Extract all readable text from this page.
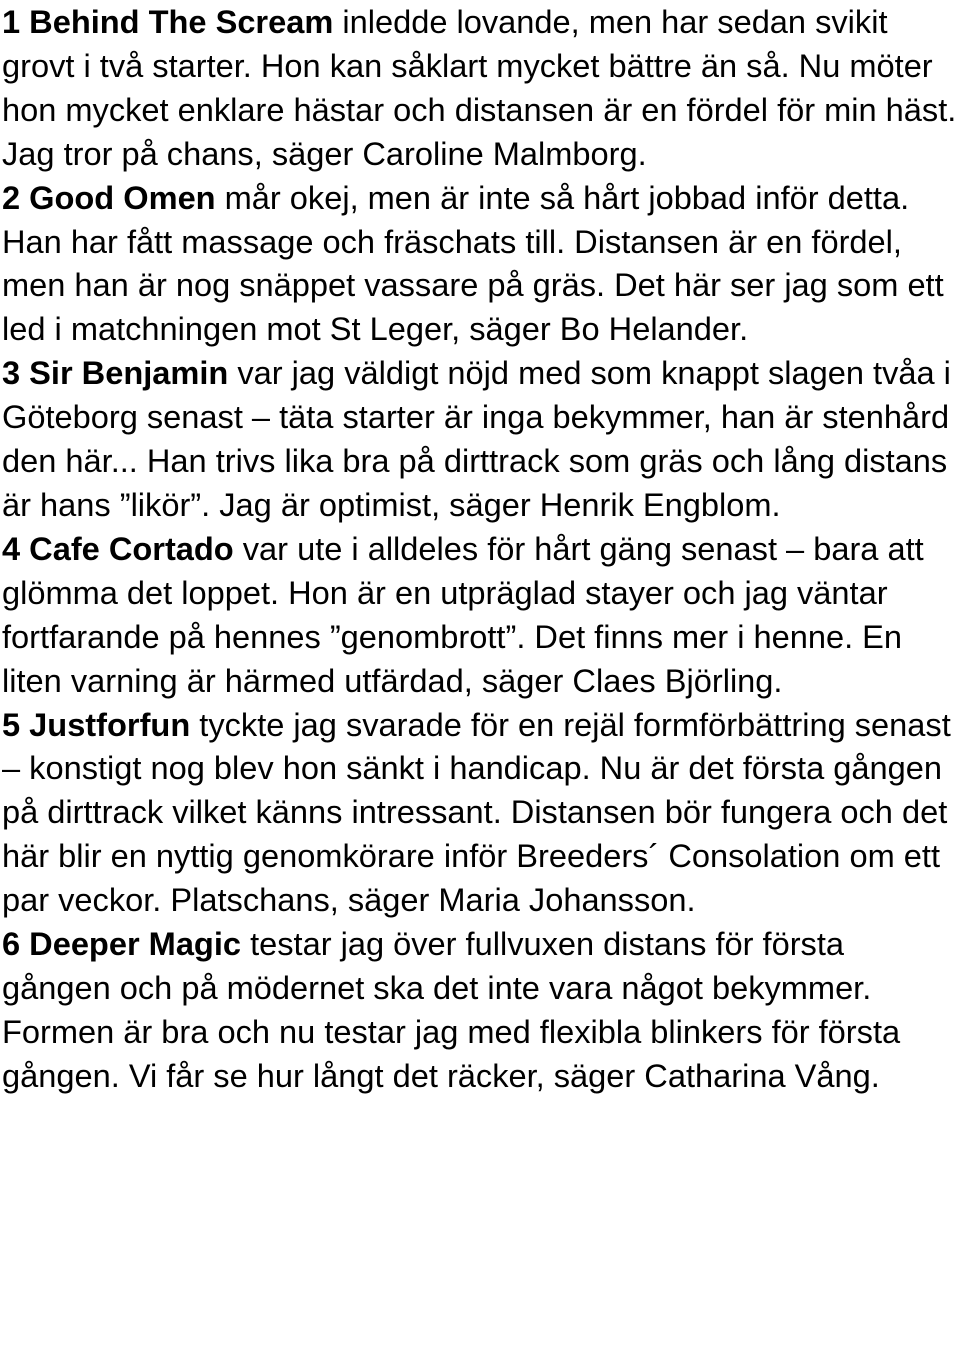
1 Behind The Scream inledde lovande, men har sedan svikit grovt i två starter. Hon kan såklart mycket bättre än så. Nu möter hon mycket enklare hästar och distansen är en fördel för min häst. Jag tror på chans, säger Caroline Malmborg.

2 Good Omen mår okej, men är inte så hårt jobbad inför detta. Han har fått massage och fräschats till. Distansen är en fördel, men han är nog snäppet vassare på gräs. Det här ser jag som ett led i matchningen mot St Leger, säger Bo Helander.

3 Sir Benjamin var jag väldigt nöjd med som knappt slagen tvåa i Göteborg senast – täta starter är inga bekymmer, han är stenhård den här... Han trivs lika bra på dirttrack som gräs och lång distans är hans ”likör”. Jag är optimist, säger Henrik Engblom.

4 Cafe Cortado var ute i alldeles för hårt gäng senast – bara att glömma det loppet. Hon är en utpräglad stayer och jag väntar fortfarande på hennes ”genombrott”. Det finns mer i henne. En liten varning är härmed utfärdad, säger Claes Björling.

5 Justforfun tyckte jag svarade för en rejäl formförbättring senast – konstigt nog blev hon sänkt i handicap. Nu är det första gången på dirttrack vilket känns intressant. Distansen bör fungera och det här blir en nyttig genomkörare inför Breeders´ Consolation om ett par veckor. Platschans, säger Maria Johansson.

6 Deeper Magic testar jag över fullvuxen distans för första gången och på mödernet ska det inte vara något bekymmer. Formen är bra och nu testar jag med flexibla blinkers för första gången. Vi får se hur långt det räcker, säger Catharina Vång.
